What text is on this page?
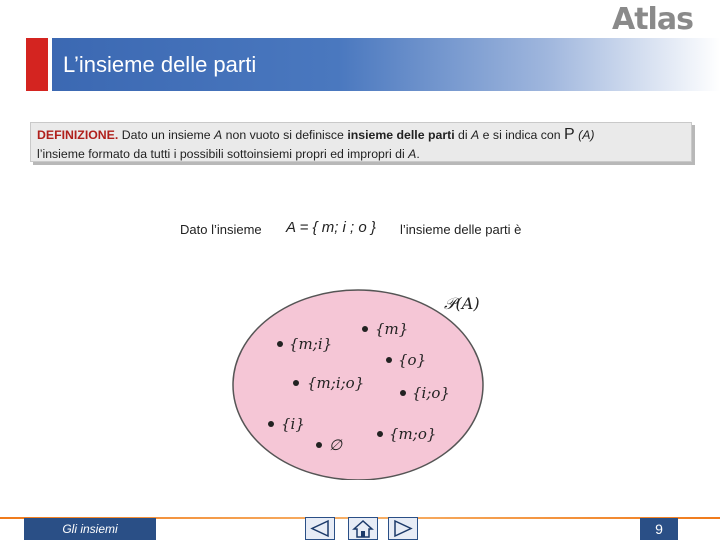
Atlas
L’insieme delle parti
DEFINIZIONE. Dato un insieme A non vuoto si definisce insieme delle parti di A e si indica con P (A)
l’insieme formato da tutti i possibili sottoinsiemi propri ed impropri di A.
Dato l’insieme A = { m; i ; o } l’insieme delle parti è
𝒫(A)
{m}
{m;i}
{o}
{m;i;o}
{i;o}
{i}
∅
{m;o}
Gli insiemi	9
